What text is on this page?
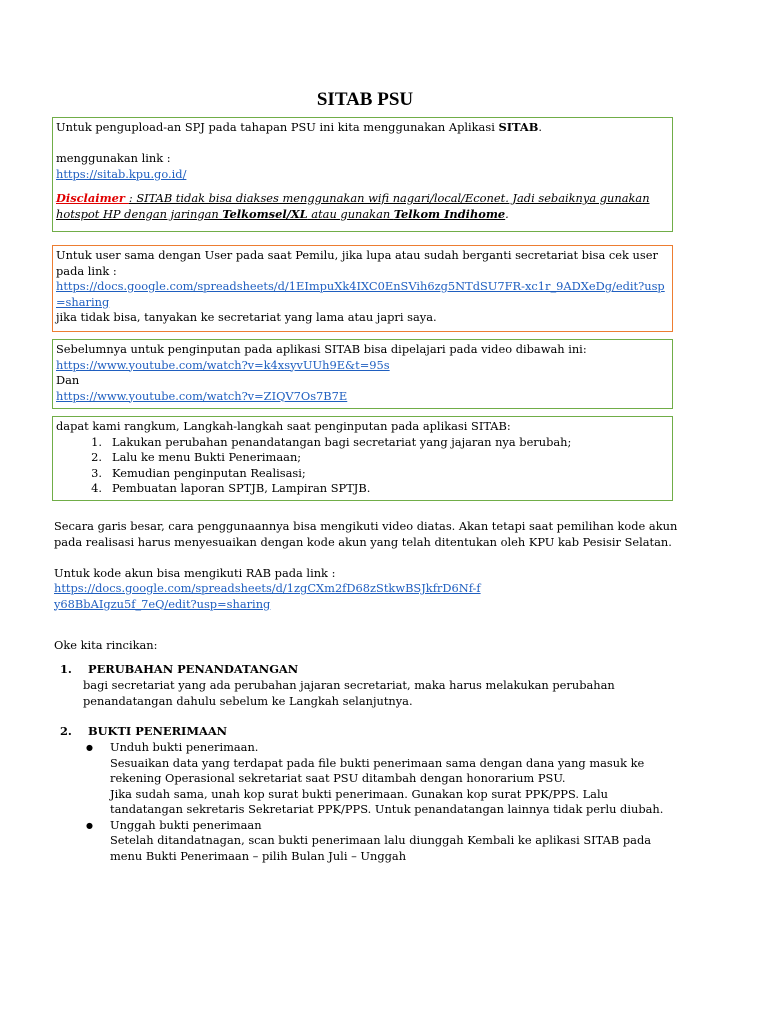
SITAB PSU
Untuk pengupload-an SPJ pada tahapan PSU ini kita menggunakan Aplikasi SITAB.
menggunakan link :
https://sitab.kpu.go.id/
Disclaimer : SITAB tidak bisa diakses menggunakan wifi nagari/local/Econet. Jadi sebaiknya gunakan hotspot HP dengan jaringan Telkomsel/XL atau gunakan Telkom Indihome.
Untuk user sama dengan User pada saat Pemilu, jika lupa atau sudah berganti secretariat bisa cek user pada link :
https://docs.google.com/spreadsheets/d/1EImpuXk4IXC0EnSVih6zg5NTdSU7FR-xc1r_9ADXeDg/edit?usp=sharing
jika tidak bisa, tanyakan ke secretariat yang lama atau japri saya.
Sebelumnya untuk penginputan pada aplikasi SITAB bisa dipelajari pada video dibawah ini:
https://www.youtube.com/watch?v=k4xsyvUUh9E&t=95s
Dan
https://www.youtube.com/watch?v=ZIQV7Os7B7E
dapat kami rangkum, Langkah-langkah saat penginputan pada aplikasi SITAB:
1. Lakukan perubahan penandatangan bagi secretariat yang jajaran nya berubah;
2. Lalu ke menu Bukti Penerimaan;
3. Kemudian penginputan Realisasi;
4. Pembuatan laporan SPTJB, Lampiran SPTJB.
Secara garis besar, cara penggunaannya bisa mengikuti video diatas. Akan tetapi saat pemilihan kode akun pada realisasi harus menyesuaikan dengan kode akun yang telah ditentukan oleh KPU kab Pesisir Selatan.
Untuk kode akun bisa mengikuti RAB pada link :
https://docs.google.com/spreadsheets/d/1zgCXm2fD68zStkwBSJkfrD6Nf-fy68BbAIgzu5f_7eQ/edit?usp=sharing
Oke kita rincikan:
1. PERUBAHAN PENANDATANGAN
bagi secretariat yang ada perubahan jajaran secretariat, maka harus melakukan perubahan penandatangan dahulu sebelum ke Langkah selanjutnya.
2. BUKTI PENERIMAAN
● Unduh bukti penerimaan.
Sesuaikan data yang terdapat pada file bukti penerimaan sama dengan dana yang masuk ke rekening Operasional sekretariat saat PSU ditambah dengan honorarium PSU.
Jika sudah sama, unah kop surat bukti penerimaan. Gunakan kop surat PPK/PPS. Lalu tandatangan sekretaris Sekretariat PPK/PPS. Untuk penandatangan lainnya tidak perlu diubah.
● Unggah bukti penerimaan
Setelah ditandatnagan, scan bukti penerimaan lalu diunggah Kembali ke aplikasi SITAB pada menu Bukti Penerimaan – pilih Bulan Juli – Unggah
